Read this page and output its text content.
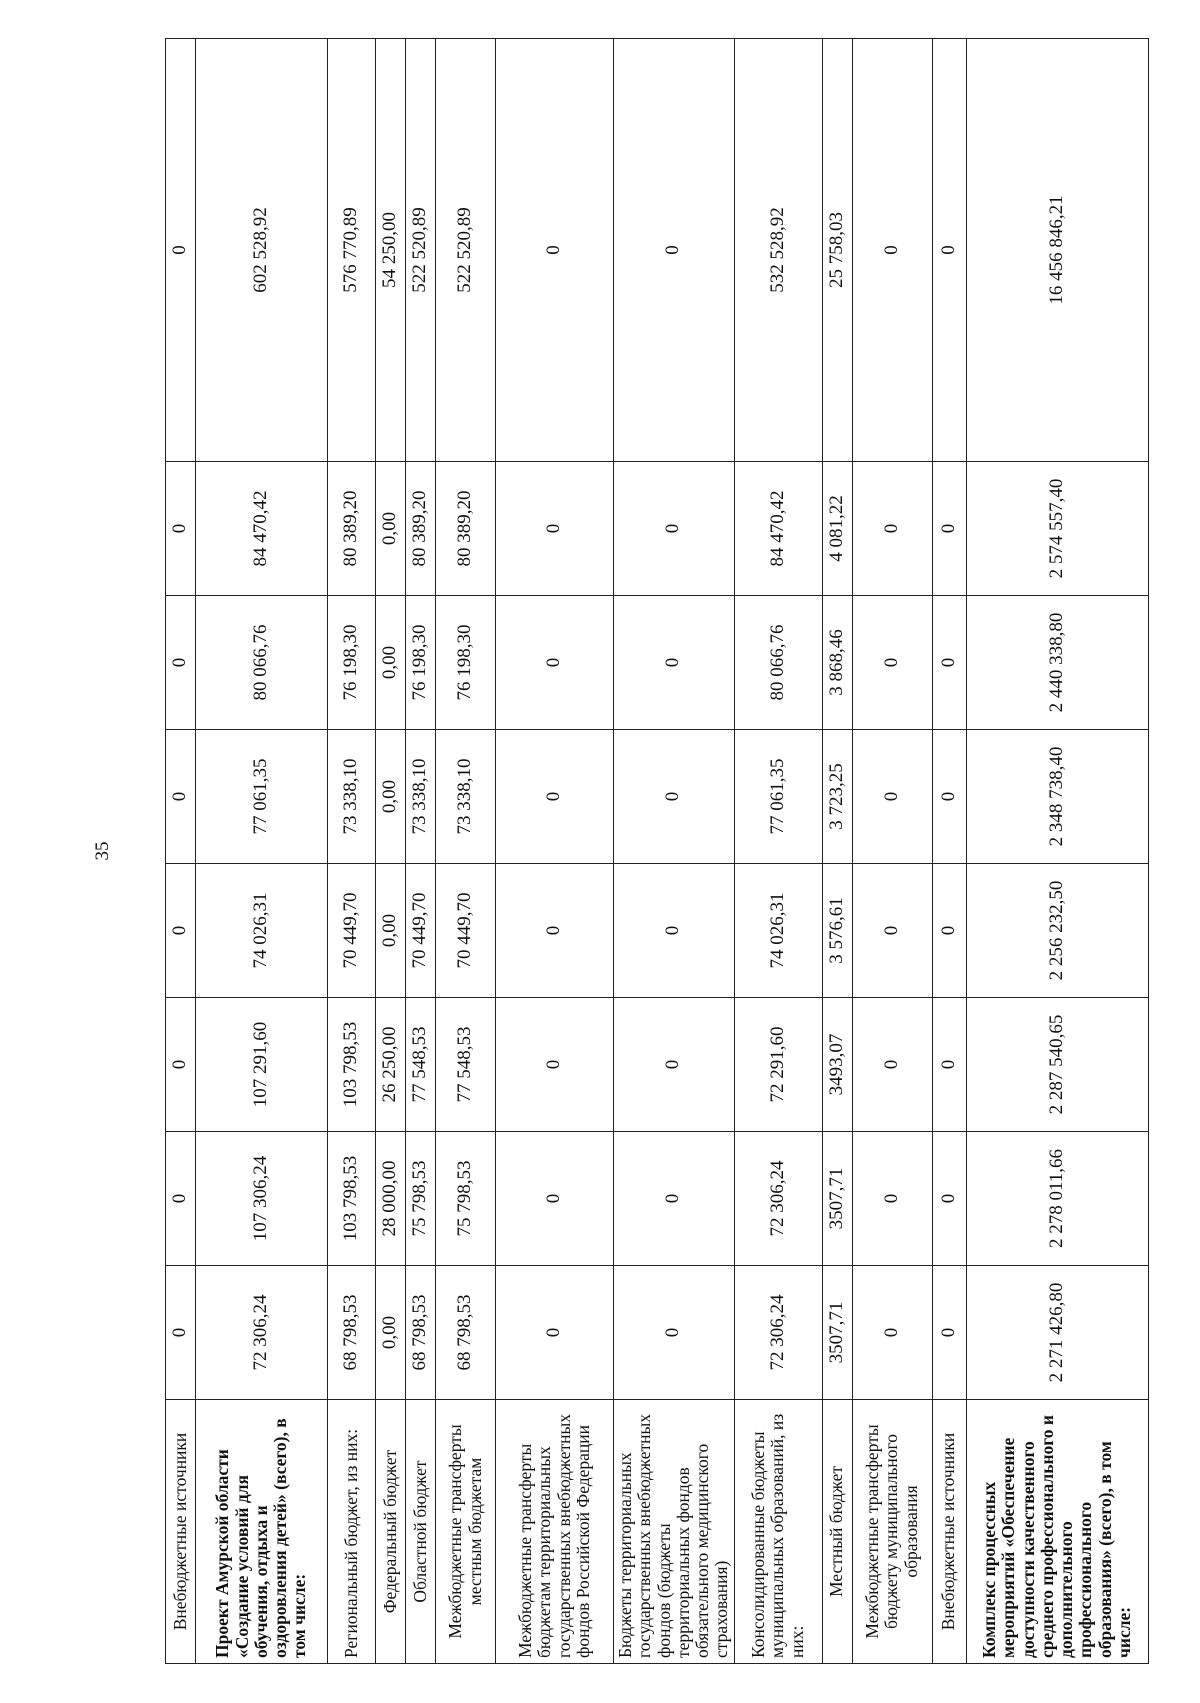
35
Внебюджетные источники	0	0	0	0	0	0	0	0
Проект Амурской области «Создание условий для обучения, отдыха и оздоровления детей» (всего), в том числе:	72 306,24	107 306,24	107 291,60	74 026,31	77 061,35	80 066,76	84 470,42	602 528,92
Региональный бюджет, из них:	68 798,53	103 798,53	103 798,53	70 449,70	73 338,10	76 198,30	80 389,20	576 770,89
Федеральный бюджет	0,00	28 000,00	26 250,00	0,00	0,00	0,00	0,00	54 250,00
Областной бюджет	68 798,53	75 798,53	77 548,53	70 449,70	73 338,10	76 198,30	80 389,20	522 520,89
Межбюджетные трансферты местным бюджетам	68 798,53	75 798,53	77 548,53	70 449,70	73 338,10	76 198,30	80 389,20	522 520,89
Межбюджетные трансферты бюджетам территориальных государственных внебюджетных фондов Российской Федерации	0	0	0	0	0	0	0	0
Бюджеты территориальных государственных внебюджетных фондов (бюджеты территориальных фондов обязательного медицинского страхования)	0	0	0	0	0	0	0	0
Консолидированные бюджеты муниципальных образований, из них:	72 306,24	72 306,24	72 291,60	74 026,31	77 061,35	80 066,76	84 470,42	532 528,92
Местный бюджет	3507,71	3507,71	3493,07	3 576,61	3 723,25	3 868,46	4 081,22	25 758,03
Межбюджетные трансферты бюджету муниципального образования	0	0	0	0	0	0	0	0
Внебюджетные источники	0	0	0	0	0	0	0	0
Комплекс процессных мероприятий «Обеспечение доступности качественного среднего профессионального и дополнительного профессионального образования» (всего), в том числе:	2 271 426,80	2 278 011,66	2 287 540,65	2 256 232,50	2 348 738,40	2 440 338,80	2 574 557,40	16 456 846,21
